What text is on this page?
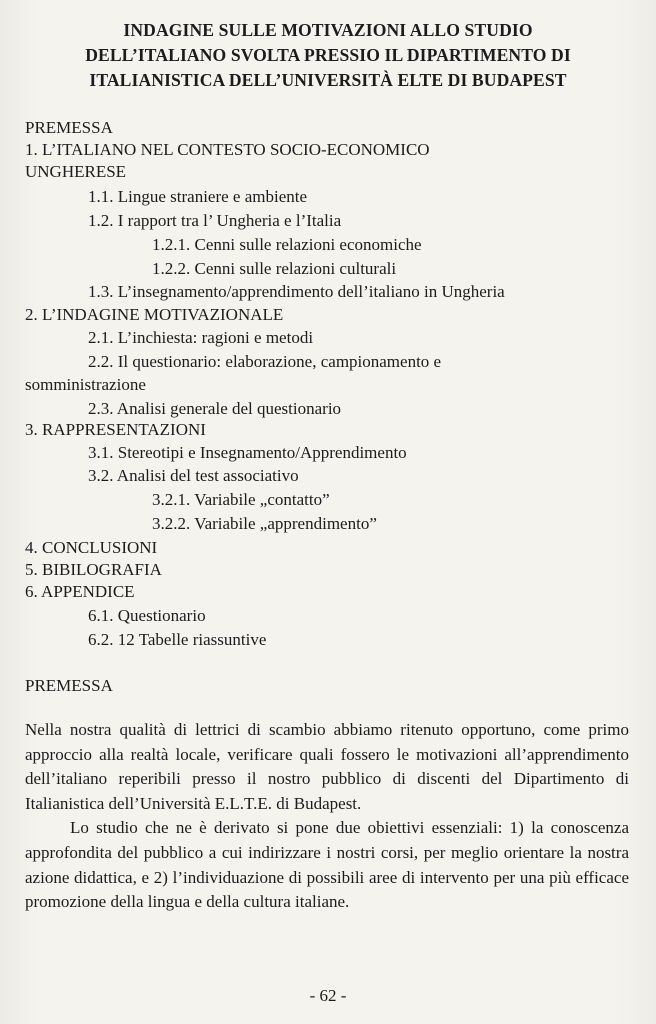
INDAGINE SULLE MOTIVAZIONI ALLO STUDIO
DELL’ITALIANO SVOLTA PRESSIO IL DIPARTIMENTO DI
ITALIANISTICA DELL’UNIVERSITÀ ELTE DI BUDAPEST
PREMESSA
1. L’ITALIANO NEL CONTESTO SOCIO-ECONOMICO
UNGHERESE
1.1. Lingue straniere e ambiente
1.2. I rapport tra l’ Ungheria e l’Italia
1.2.1. Cenni sulle relazioni economiche
1.2.2. Cenni sulle relazioni culturali
1.3. L’insegnamento/apprendimento dell’italiano in Ungheria
2. L’INDAGINE MOTIVAZIONALE
2.1. L’inchiesta: ragioni e metodi
2.2. Il questionario: elaborazione, campionamento e
somministrazione
2.3. Analisi generale del questionario
3. RAPPRESENTAZIONI
3.1. Stereotipi e Insegnamento/Apprendimento
3.2. Analisi del test associativo
3.2.1. Variabile „contatto”
3.2.2. Variabile „apprendimento”
4. CONCLUSIONI
5. BIBILOGRAFIA
6. APPENDICE
6.1. Questionario
6.2. 12 Tabelle riassuntive
PREMESSA

Nella nostra qualità di lettrici di scambio abbiamo ritenuto opportuno, come primo approccio alla realtà locale, verificare quali fossero le motivazioni all’apprendimento dell’italiano reperibili presso il nostro pubblico di discenti del Dipartimento di Italianistica dell’Università E.L.T.E. di Budapest.

Lo studio che ne è derivato si pone due obiettivi essenziali: 1) la conoscenza approfondita del pubblico a cui indirizzare i nostri corsi, per meglio orientare la nostra azione didattica, e 2) l’individuazione di possibili aree di intervento per una più efficace promozione della lingua e della cultura italiane.

- 62 -
